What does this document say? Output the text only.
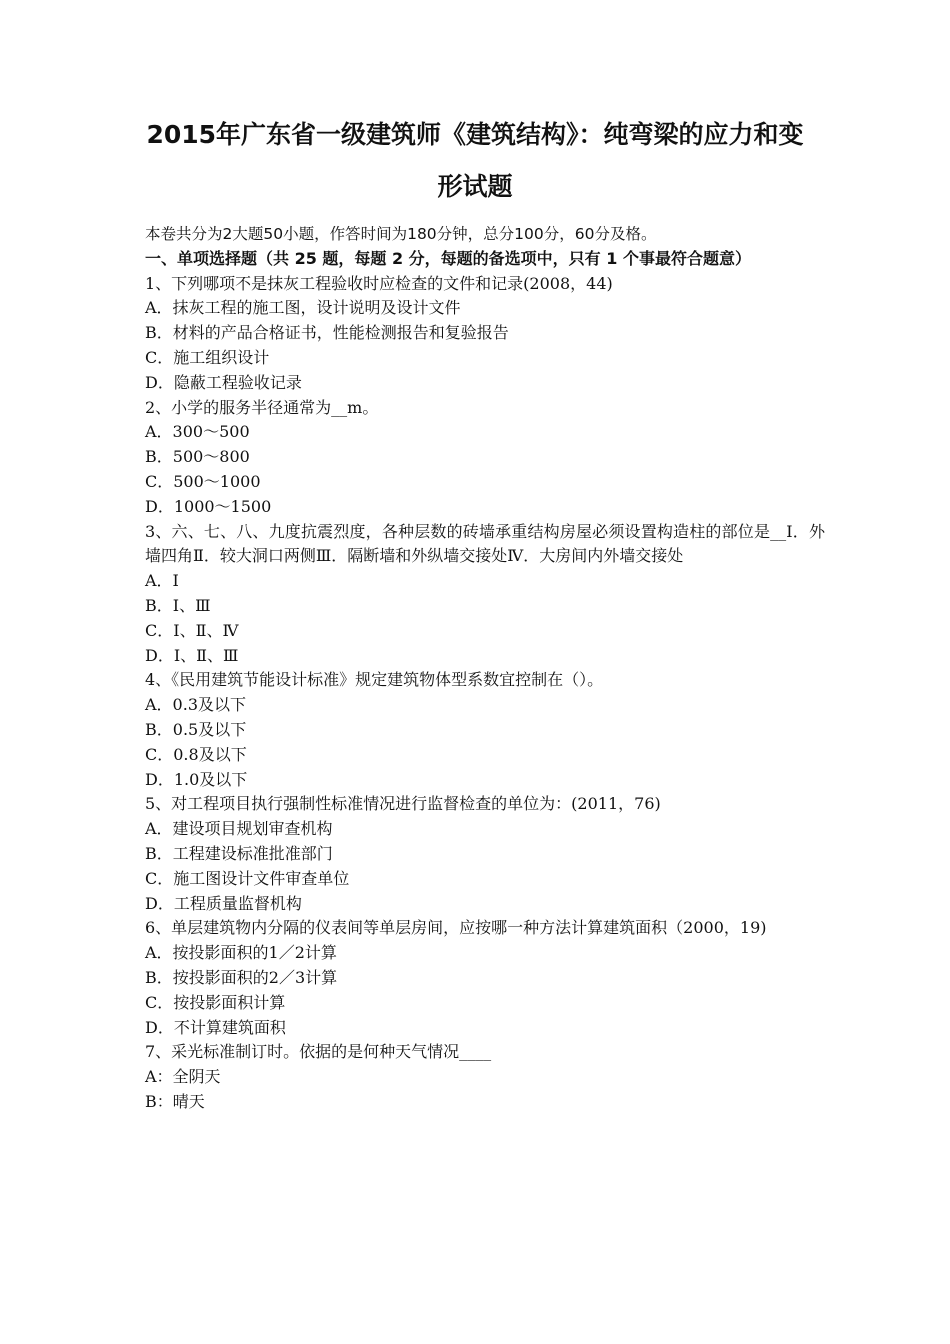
2015年广东省一级建筑师《建筑结构》：纯弯梁的应力和变
形试题

本卷共分为2大题50小题，作答时间为180分钟，总分100分，60分及格。

一、单项选择题（共 25 题，每题 2 分，每题的备选项中，只有 1 个事最符合题意）

1、下列哪项不是抹灰工程验收时应检查的文件和记录(2008，44)

A．抹灰工程的施工图，设计说明及设计文件

B．材料的产品合格证书，性能检测报告和复验报告

C．施工组织设计

D．隐蔽工程验收记录

2、小学的服务半径通常为__m。

A．300～500

B．500～800

C．500～1000

D．1000～1500

3、六、七、八、九度抗震烈度，各种层数的砖墙承重结构房屋必须设置构造柱的部位是__Ⅰ．外墙四角Ⅱ．较大洞口两侧Ⅲ．隔断墙和外纵墙交接处Ⅳ．大房间内外墙交接处

A．Ⅰ

B．Ⅰ、Ⅲ

C．Ⅰ、Ⅱ、Ⅳ

D．Ⅰ、Ⅱ、Ⅲ

4、《民用建筑节能设计标准》规定建筑物体型系数宜控制在（）。

A．0.3及以下

B．0.5及以下

C．0.8及以下

D．1.0及以下

5、对工程项目执行强制性标准情况进行监督检查的单位为：(2011，76)

A．建设项目规划审查机构

B．工程建设标准批准部门

C．施工图设计文件审查单位

D．工程质量监督机构

6、单层建筑物内分隔的仪表间等单层房间，应按哪一种方法计算建筑面积（2000，19)

A．按投影面积的1／2计算

B．按投影面积的2／3计算

C．按投影面积计算

D．不计算建筑面积

7、采光标准制订时。依据的是何种天气情况____

A：全阴天

B：晴天
